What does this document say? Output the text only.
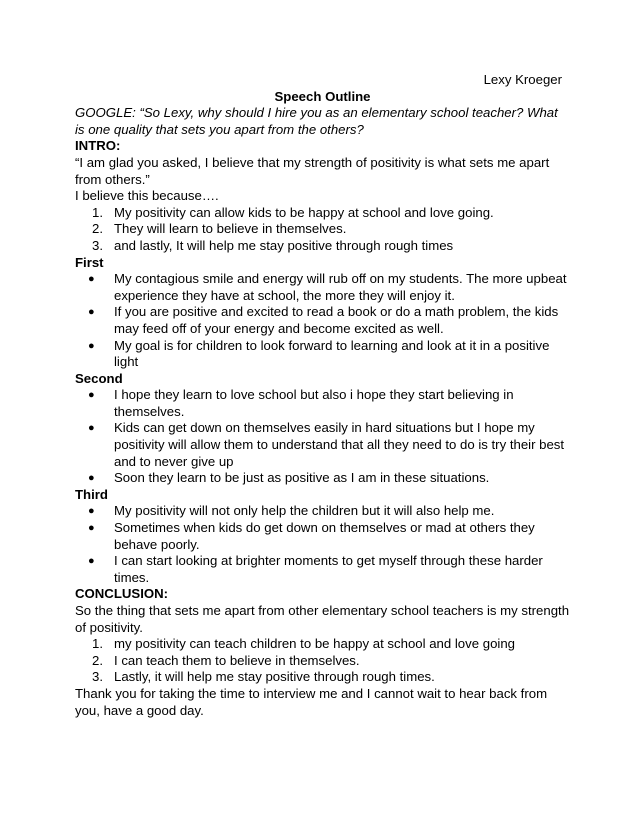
Lexy Kroeger

Speech Outline

GOOGLE: “So Lexy, why should I hire you as an elementary school teacher? What is one quality that sets you apart from the others?

INTRO:

“I am glad you asked, I believe that my strength of positivity is what sets me apart from others.”

I believe this because….

1. My positivity can allow kids to be happy at school and love going.
2. They will learn to believe in themselves.
3. and lastly, It will help me stay positive through rough times

First

● My contagious smile and energy will rub off on my students. The more upbeat experience they have at school, the more they will enjoy it.
● If you are positive and excited to read a book or do a math problem, the kids may feed off of your energy and become excited as well.
● My goal is for children to look forward to learning and look at it in a positive light

Second

● I hope they learn to love school but also i hope they start believing in themselves.
● Kids can get down on themselves easily in hard situations but I hope my positivity will allow them to understand that all they need to do is try their best and to never give up
● Soon they learn to be just as positive as I am in these situations.

Third

● My positivity will not only help the children but it will also help me.
● Sometimes when kids do get down on themselves or mad at others they behave poorly.
● I can start looking at brighter moments to get myself through these harder times.

CONCLUSION:

So the thing that sets me apart from other elementary school teachers is my strength of positivity.

1. my positivity can teach children to be happy at school and love going
2. I can teach them to believe in themselves.
3. Lastly, it will help me stay positive through rough times.

Thank you for taking the time to interview me and I cannot wait to hear back from you, have a good day.
